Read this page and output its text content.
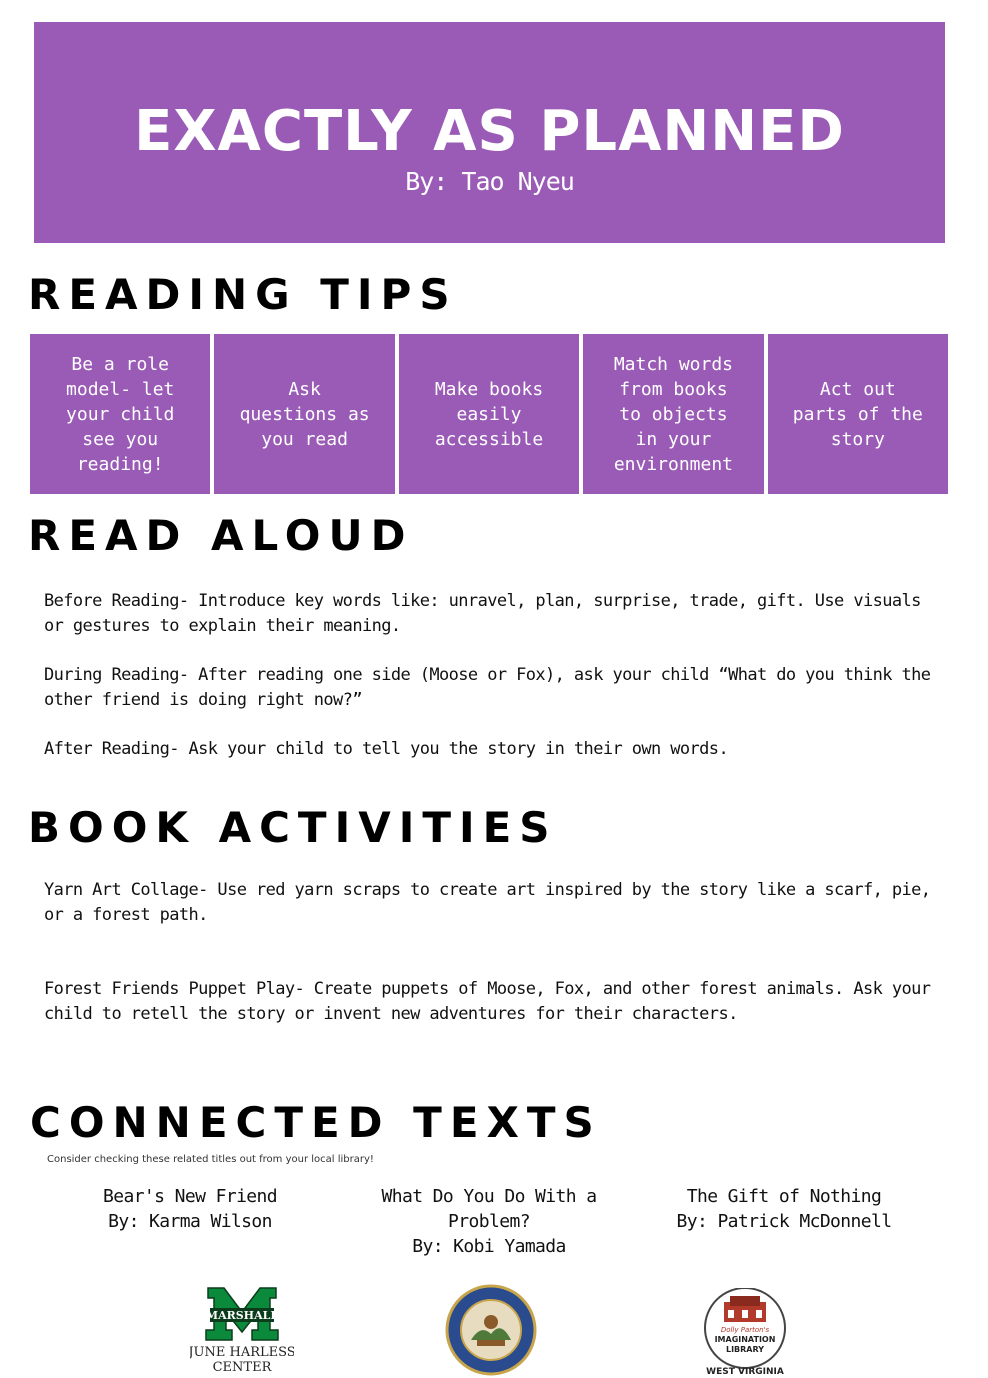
EXACTLY AS PLANNED
By: Tao Nyeu
READING TIPS
Be a role model- let your child see you reading!
Ask questions as you read
Make books easily accessible
Match words from books to objects in your environment
Act out parts of the story
READ ALOUD
Before Reading- Introduce key words like: unravel, plan, surprise, trade, gift. Use visuals or gestures to explain their meaning.
During Reading- After reading one side (Moose or Fox), ask your child “What do you think the other friend is doing right now?”
After Reading- Ask your child to tell you the story in their own words.
BOOK ACTIVITIES
Yarn Art Collage- Use red yarn scraps to create art inspired by the story like a scarf, pie, or a forest path.
Forest Friends Puppet Play- Create puppets of Moose, Fox, and other forest animals. Ask your child to retell the story or invent new adventures for their characters.
CONNECTED TEXTS
Consider checking these related titles out from your local library!
Bear's New Friend
By: Karma Wilson
What Do You Do With a Problem?
By: Kobi Yamada
The Gift of Nothing
By: Patrick McDonnell
MARSHALL
JUNE HARLESS
CENTER
Dolly Parton's
IMAGINATION
LIBRARY
WEST VIRGINIA
